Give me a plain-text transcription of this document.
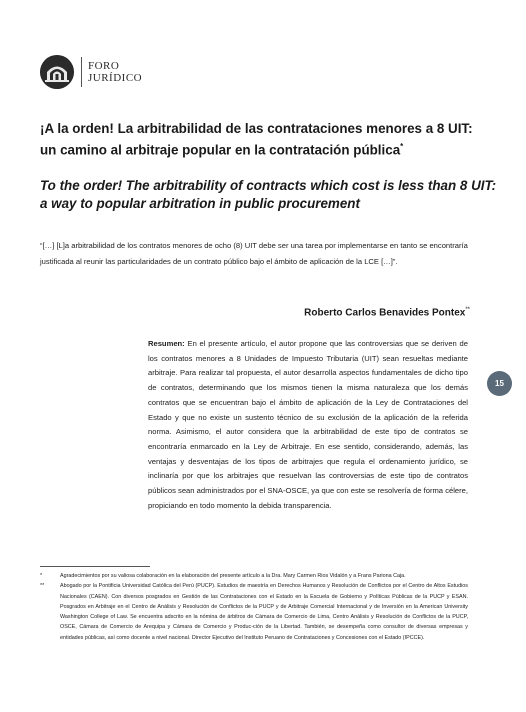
FORO
JURÍDICO
¡A la orden! La arbitrabilidad de las contrataciones menores a 8 UIT: un camino al arbitraje popular en la contratación pública*
To the order! The arbitrability of contracts which cost is less than 8 UIT: a way to popular arbitration in public procurement
“[…] [L]a arbitrabilidad de los contratos menores de ocho (8) UIT debe ser una tarea por implementarse en tanto se encontraría justificada al reunir las particularidades de un contrato público bajo el ámbito de aplicación de la LCE […]”.
Roberto Carlos Benavides Pontex**
Resumen: En el presente artículo, el autor propone que las controversias que se deriven de los contratos menores a 8 Unidades de Impuesto Tributaria (UIT) sean resueltas mediante arbitraje. Para realizar tal propuesta, el autor desarrolla aspectos fundamentales de dicho tipo de contratos, determinando que los mismos tienen la misma naturaleza que los demás contratos que se encuentran bajo el ámbito de aplicación de la Ley de Contrataciones del Estado y que no existe un sustento técnico de su exclusión de la aplicación de la referida norma. Asimismo, el autor considera que la arbitrabilidad de este tipo de contratos se encontraría enmarcado en la Ley de Arbitraje. En ese sentido, considerando, además, las ventajas y desventajas de los tipos de arbitrajes que regula el ordenamiento jurídico, se inclinaría por que los arbitrajes que resuelvan las controversias de este tipo de contratos públicos sean administrados por el SNA-OSCE, ya que con este se resolvería de forma célere, propiciando en todo momento la debida transparencia.
15
*	Agradecimientos por su valiosa colaboración en la elaboración del presente artículo a la Dra. Mary Carmen Rios Vidalón y a Frans Pariona Caja.
**	Abogado por la Pontificia Universidad Católica del Perú (PUCP). Estudios de maestría en Derechos Humanos y Resolución de Conflictos por el Centro de Altos Estudios Nacionales (CAEN). Con diversos posgrados en Gestión de las Contrataciones con el Estado en la Escuela de Gobierno y Políticas Públicas de la PUCP y ESAN. Posgrados en Arbitraje en el Centro de Análisis y Resolución de Conflictos de la PUCP y de Arbitraje Comercial Internacional y de Inversión en la American University Washington College of Law. Se encuentra adscrito en la nómina de árbitros de Cámara de Comercio de Lima, Centro Análisis y Resolución de Conflictos de la PUCP, OSCE, Cámara de Comercio de Arequipa y Cámara de Comercio y Produc-ción de la Libertad. También, se desempeña como consultor de diversas empresas y entidades públicas, así como docente a nivel nacional. Director Ejecutivo del Instituto Peruano de Contrataciones y Concesiones con el Estado (IPCCE).
